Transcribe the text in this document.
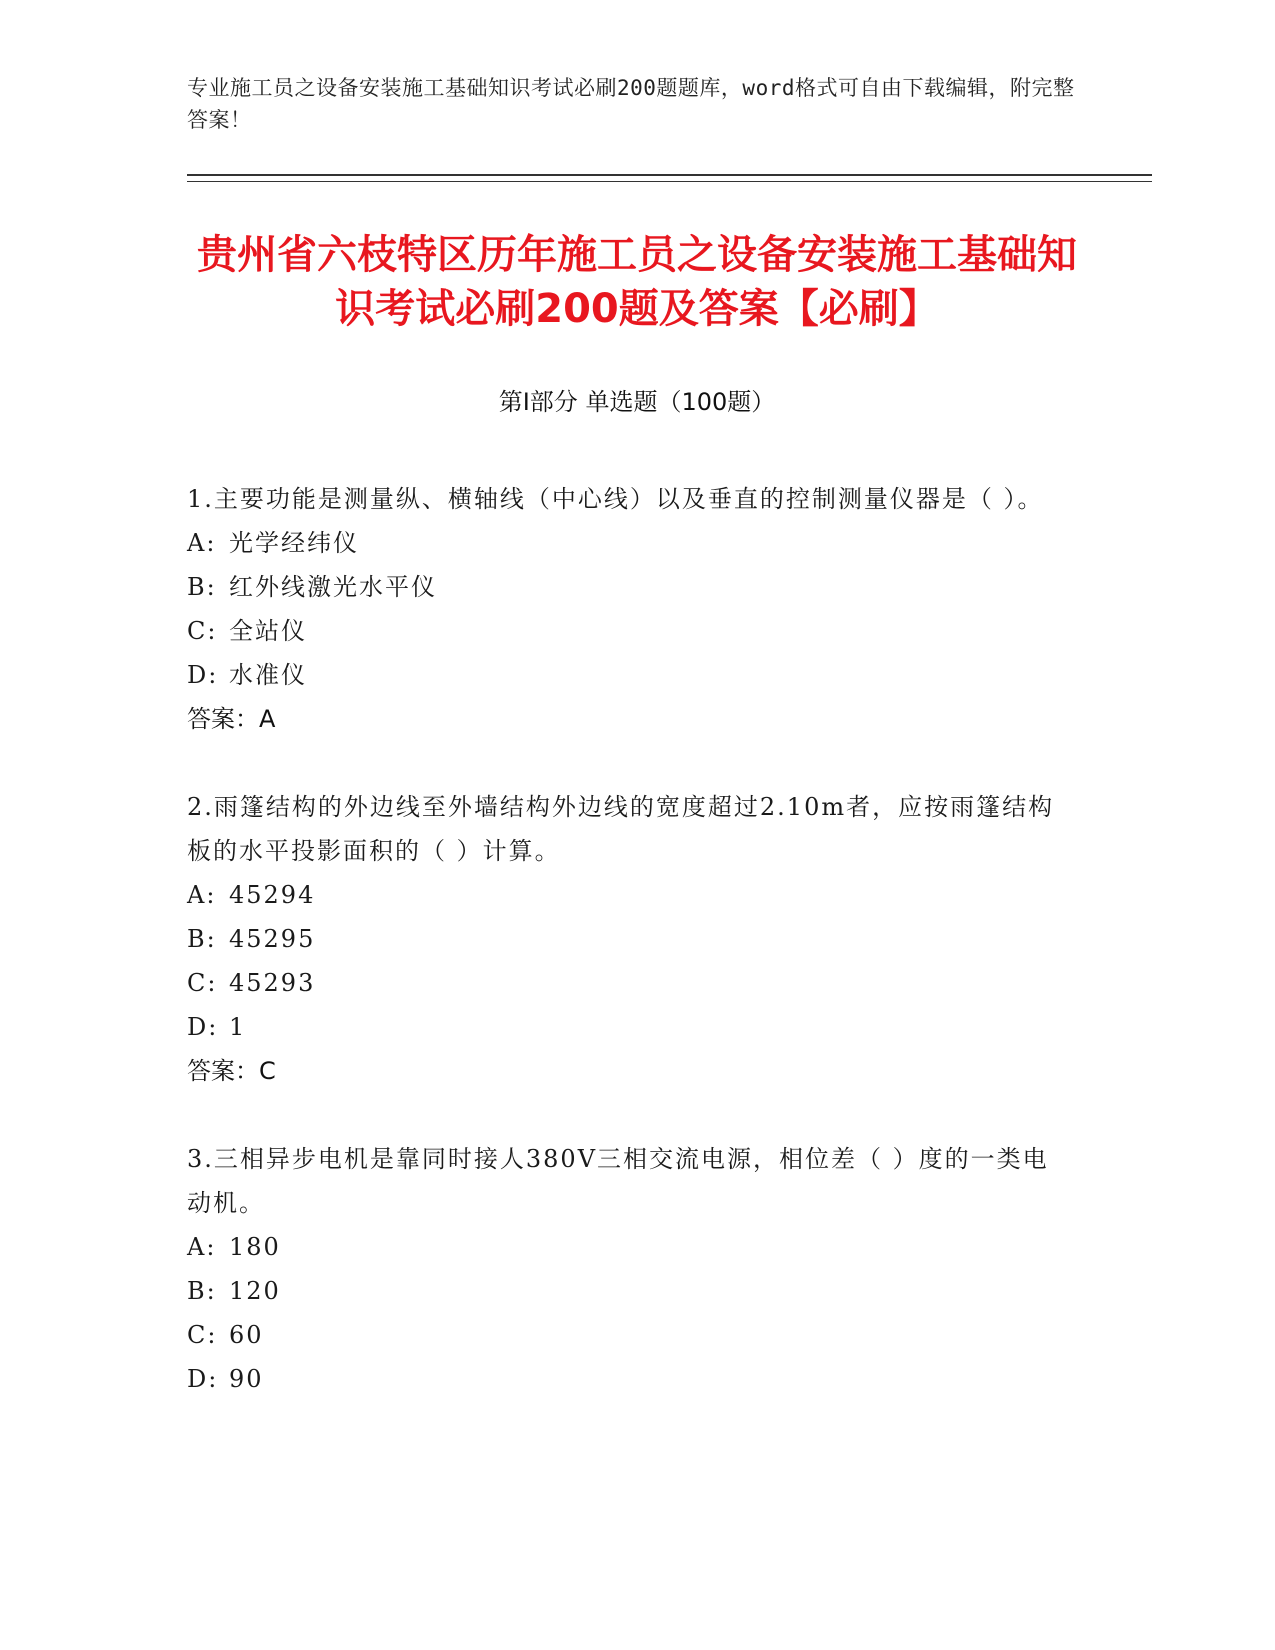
专业施工员之设备安装施工基础知识考试必刷200题题库，word格式可自由下载编辑，附完整答案！
贵州省六枝特区历年施工员之设备安装施工基础知识考试必刷200题及答案【必刷】
第Ⅰ部分 单选题（100题）

1.主要功能是测量纵、横轴线（中心线）以及垂直的控制测量仪器是（ ）。

A: 光学经纬仪
B: 红外线激光水平仪
C: 全站仪
D: 水准仪
答案：A

2.雨篷结构的外边线至外墙结构外边线的宽度超过2.10m者，应按雨篷结构板的水平投影面积的（ ）计算。

A: 45294
B: 45295
C: 45293
D: 1
答案：C

3.三相异步电机是靠同时接人380V三相交流电源，相位差（ ）度的一类电动机。

A: 180
B: 120
C: 60
D: 90
